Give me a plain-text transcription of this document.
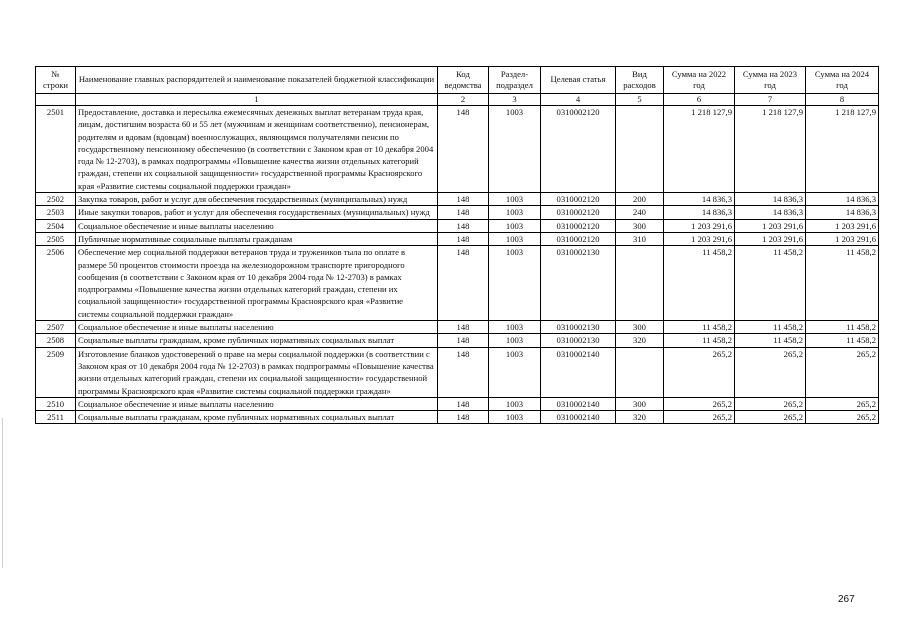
№ строки	Наименование главных распорядителей и наименование показателей бюджетной классификации	Код ведомства	Раздел-подраздел	Целевая статья	Вид расходов	Сумма на 2022 год	Сумма на 2023 год	Сумма на 2024 год
	1	2	3	4	5	6	7	8
2501	Предоставление, доставка и пересылка ежемесячных денежных выплат ветеранам труда края, лицам, достигшим возраста 60 и 55 лет (мужчинам и женщинам соответственно), пенсионерам, родителям и вдовам (вдовцам) военнослужащих, являющимся получателями пенсии по государственному пенсионному обеспечению (в соответствии с Законом края от 10 декабря 2004 года № 12-2703), в рамках подпрограммы «Повышение качества жизни отдельных категорий граждан, степени их социальной защищенности» государственной программы Красноярского края «Развитие системы социальной поддержки граждан»	148	1003	0310002120		1 218 127,9	1 218 127,9	1 218 127,9
2502	Закупка товаров, работ и услуг для обеспечения государственных (муниципальных) нужд	148	1003	0310002120	200	14 836,3	14 836,3	14 836,3
2503	Иные закупки товаров, работ и услуг для обеспечения государственных (муниципальных) нужд	148	1003	0310002120	240	14 836,3	14 836,3	14 836,3
2504	Социальное обеспечение и иные выплаты населению	148	1003	0310002120	300	1 203 291,6	1 203 291,6	1 203 291,6
2505	Публичные нормативные социальные выплаты гражданам	148	1003	0310002120	310	1 203 291,6	1 203 291,6	1 203 291,6
2506	Обеспечение мер социальной поддержки ветеранов труда и тружеников тыла по оплате в размере 50 процентов стоимости проезда на железнодорожном транспорте пригородного сообщения (в соответствии с Законом края от 10 декабря 2004 года № 12-2703) в рамках подпрограммы «Повышение качества жизни отдельных категорий граждан, степени их социальной защищенности» государственной программы Красноярского края «Развитие системы социальной поддержки граждан»	148	1003	0310002130		11 458,2	11 458,2	11 458,2
2507	Социальное обеспечение и иные выплаты населению	148	1003	0310002130	300	11 458,2	11 458,2	11 458,2
2508	Социальные выплаты гражданам, кроме публичных нормативных социальных выплат	148	1003	0310002130	320	11 458,2	11 458,2	11 458,2
2509	Изготовление бланков удостоверений о праве на меры социальной поддержки (в соответствии с Законом края от 10 декабря 2004 года № 12-2703) в рамках подпрограммы «Повышение качества жизни отдельных категорий граждан, степени их социальной защищенности» государственной программы Красноярского края «Развитие системы социальной поддержки граждан»	148	1003	0310002140		265,2	265,2	265,2
2510	Социальное обеспечение и иные выплаты населению	148	1003	0310002140	300	265,2	265,2	265,2
2511	Социальные выплаты гражданам, кроме публичных нормативных социальных выплат	148	1003	0310002140	320	265,2	265,2	265,2
267
